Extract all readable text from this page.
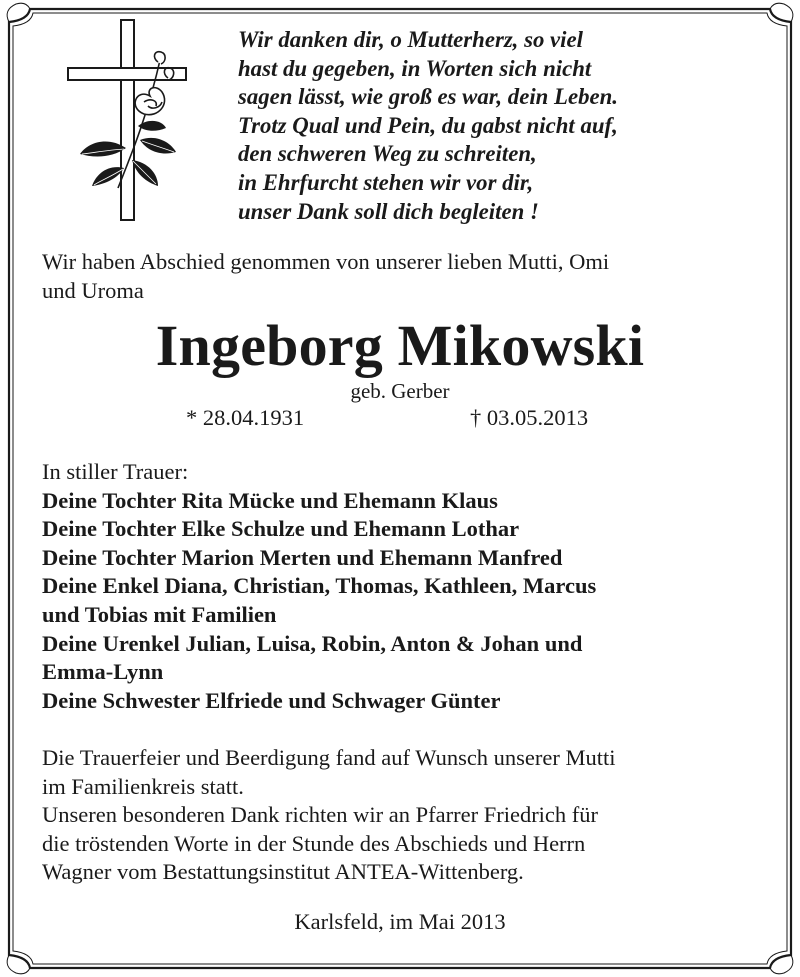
Wir danken dir, o Mutterherz, so viel
hast du gegeben, in Worten sich nicht
sagen lässt, wie groß es war, dein Leben.
Trotz Qual und Pein, du gabst nicht auf,
den schweren Weg zu schreiten,
in Ehrfurcht stehen wir vor dir,
unser Dank soll dich begleiten !
Wir haben Abschied genommen von unserer lieben Mutti, Omi
und Uroma
Ingeborg Mikowski
geb. Gerber
* 28.04.1931	† 03.05.2013
In stiller Trauer:
Deine Tochter Rita Mücke und Ehemann Klaus
Deine Tochter Elke Schulze und Ehemann Lothar
Deine Tochter Marion Merten und Ehemann Manfred
Deine Enkel Diana, Christian, Thomas, Kathleen, Marcus
und Tobias mit Familien
Deine Urenkel Julian, Luisa, Robin, Anton & Johan und
Emma-Lynn
Deine Schwester Elfriede und Schwager Günter
Die Trauerfeier und Beerdigung fand auf Wunsch unserer Mutti
im Familienkreis statt.
Unseren besonderen Dank richten wir an Pfarrer Friedrich für
die tröstenden Worte in der Stunde des Abschieds und Herrn
Wagner vom Bestattungsinstitut ANTEA-Wittenberg.
Karlsfeld, im Mai 2013
